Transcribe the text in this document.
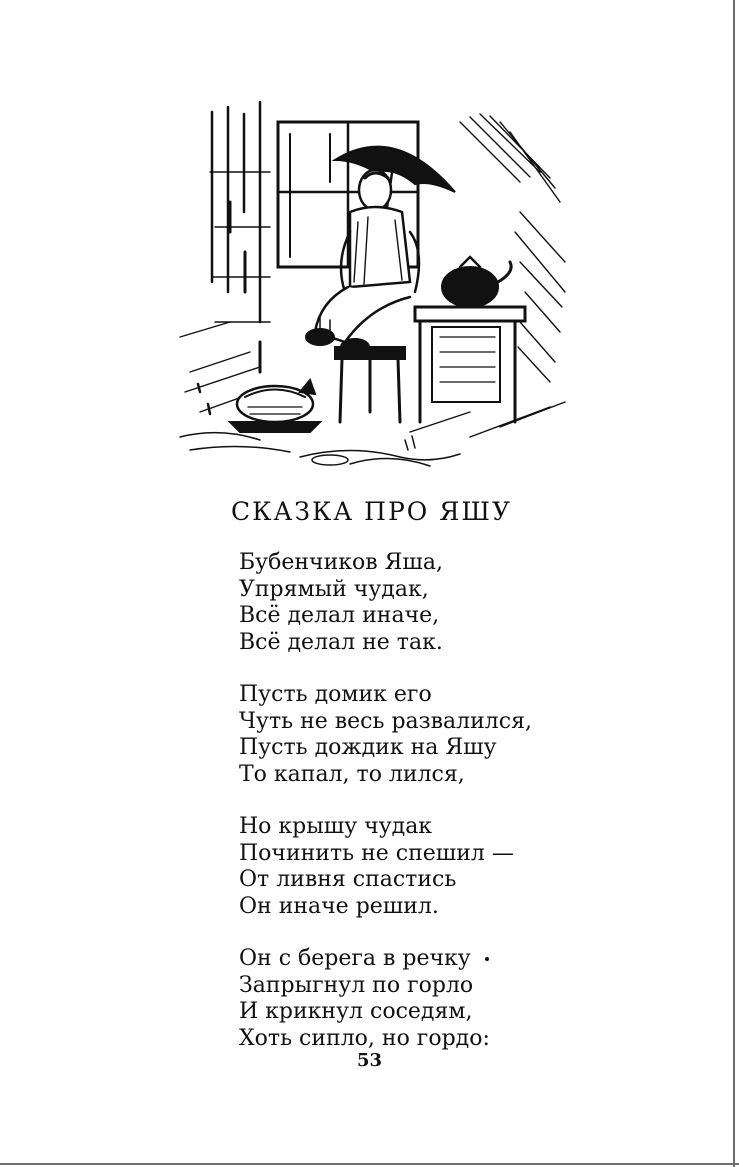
СКАЗКА ПРО ЯШУ
Бубенчиков Яша,
Упрямый чудак,
Всё делал иначе,
Всё делал не так.
Пусть домик его
Чуть не весь развалился,
Пусть дождик на Яшу
То капал, то лился,
Но крышу чудак
Починить не спешил —
От ливня спастись
Он иначе решил.
Он с берега в речку
Запрыгнул по горло
И крикнул соседям,
Хоть сипло, но гордо:
53
